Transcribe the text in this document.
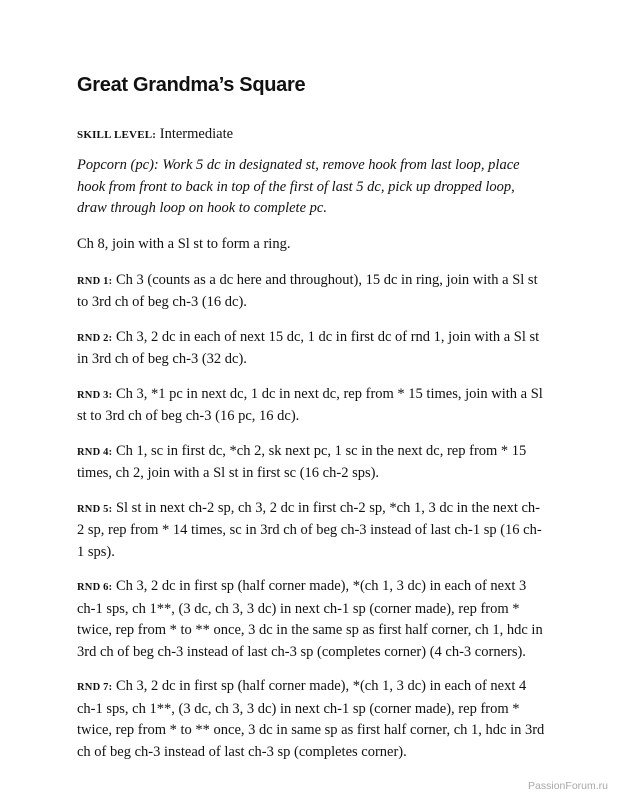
Great Grandma’s Square

SKILL LEVEL: Intermediate

Popcorn (pc): Work 5 dc in designated st, remove hook from last loop, place hook from front to back in top of the first of last 5 dc, pick up dropped loop, draw through loop on hook to complete pc.

Ch 8, join with a Sl st to form a ring.

RND 1: Ch 3 (counts as a dc here and throughout), 15 dc in ring, join with a Sl st to 3rd ch of beg ch-3 (16 dc).

RND 2: Ch 3, 2 dc in each of next 15 dc, 1 dc in first dc of rnd 1, join with a Sl st in 3rd ch of beg ch-3 (32 dc).

RND 3: Ch 3, *1 pc in next dc, 1 dc in next dc, rep from * 15 times, join with a Sl st to 3rd ch of beg ch-3 (16 pc, 16 dc).

RND 4: Ch 1, sc in first dc, *ch 2, sk next pc, 1 sc in the next dc, rep from * 15 times, ch 2, join with a Sl st in first sc (16 ch-2 sps).

RND 5: Sl st in next ch-2 sp, ch 3, 2 dc in first ch-2 sp, *ch 1, 3 dc in the next ch-2 sp, rep from * 14 times, sc in 3rd ch of beg ch-3 instead of last ch-1 sp (16 ch-1 sps).

RND 6: Ch 3, 2 dc in first sp (half corner made), *(ch 1, 3 dc) in each of next 3 ch-1 sps, ch 1**, (3 dc, ch 3, 3 dc) in next ch-1 sp (corner made), rep from * twice, rep from * to ** once, 3 dc in the same sp as first half corner, ch 1, hdc in 3rd ch of beg ch-3 instead of last ch-3 sp (completes corner) (4 ch-3 corners).

RND 7: Ch 3, 2 dc in first sp (half corner made), *(ch 1, 3 dc) in each of next 4 ch-1 sps, ch 1**, (3 dc, ch 3, 3 dc) in next ch-1 sp (corner made), rep from * twice, rep from * to ** once, 3 dc in same sp as first half corner, ch 1, hdc in 3rd ch of beg ch-3 instead of last ch-3 sp (completes corner).

PassionForum.ru
